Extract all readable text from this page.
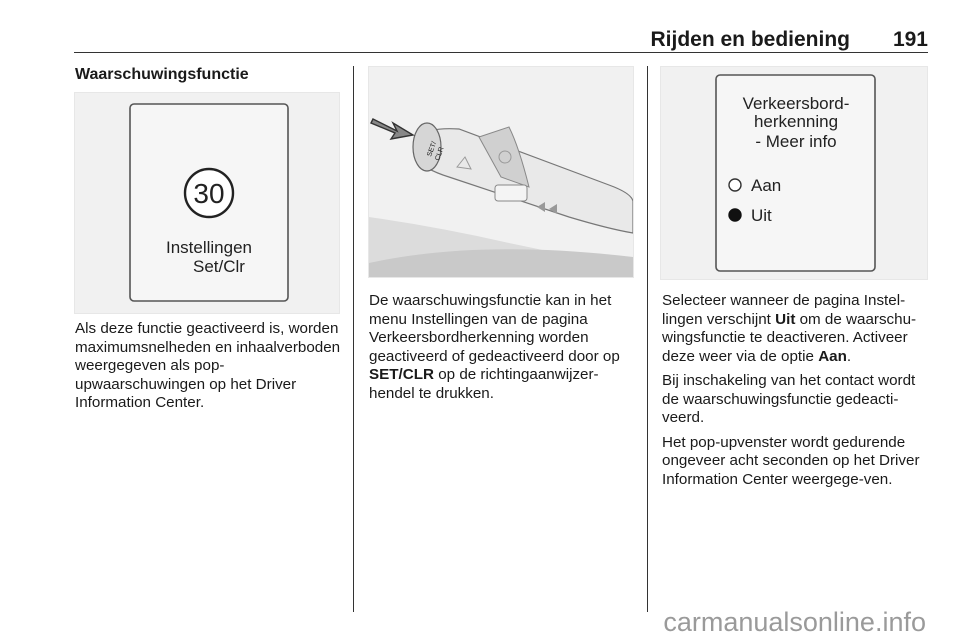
Rijden en bediening	191
Waarschuwingsfunctie
30
Instellingen
Set/Clr

Als deze functie geactiveerd is, worden maximumsnelheden en inhaalverboden weergegeven als pop-upwaarschuwingen op het Driver Information Center.

SET/
CLR

De waarschuwingsfunctie kan in het menu Instellingen van de pagina Verkeersbordherkenning worden geactiveerd of gedeactiveerd door op SET/CLR op de richtingaanwijzer-hendel te drukken.

Verkeersbord-
herkenning
- Meer info
Aan
Uit

Selecteer wanneer de pagina Instel-lingen verschijnt Uit om de waarschu-wingsfunctie te deactiveren. Activeer deze weer via de optie Aan.

Bij inschakeling van het contact wordt de waarschuwingsfunctie gedeacti-veerd.

Het pop-upvenster wordt gedurende ongeveer acht seconden op het Driver Information Center weergege-ven.

carmanualsonline.info
